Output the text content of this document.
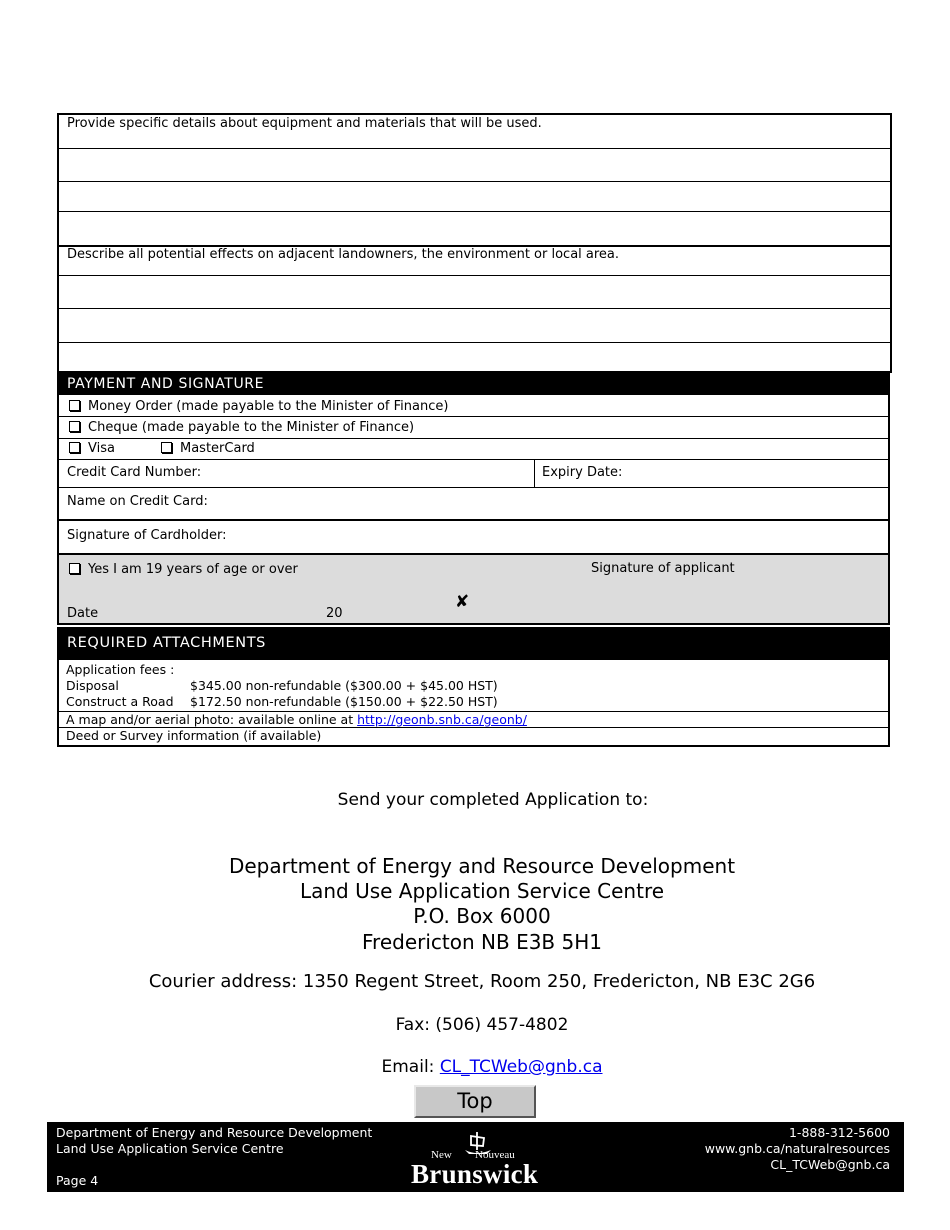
Provide specific details about equipment and materials that will be used.
Describe all potential effects on adjacent landowners, the environment or local area.
PAYMENT AND SIGNATURE
Money Order (made payable to the Minister of Finance)
Cheque (made payable to the Minister of Finance)
Visa	MasterCard
Credit Card Number:	Expiry Date:
Name on Credit Card:
Signature of Cardholder:
Yes I am 19 years of age or over	Signature of applicant
Date	20
✘
REQUIRED ATTACHMENTS
Application fees :
Disposal	$345.00 non-refundable ($300.00 + $45.00 HST)
Construct a Road $172.50 non-refundable ($150.00 + $22.50 HST)
A map and/or aerial photo: available online at http://geonb.snb.ca/geonb/
Deed or Survey information (if available)
Send your completed Application to:
Department of Energy and Resource Development
Land Use Application Service Centre
P.O. Box 6000
Fredericton NB E3B 5H1
Courier address: 1350 Regent Street, Room 250, Fredericton, NB E3C 2G6
Fax: (506) 457-4802
Email: CL_TCWeb@gnb.ca
Top
Department of Energy and Resource Development
Land Use Application Service Centre
Page 4
New Nouveau
Brunswick
1-888-312-5600
www.gnb.ca/naturalresources
CL_TCWeb@gnb.ca
